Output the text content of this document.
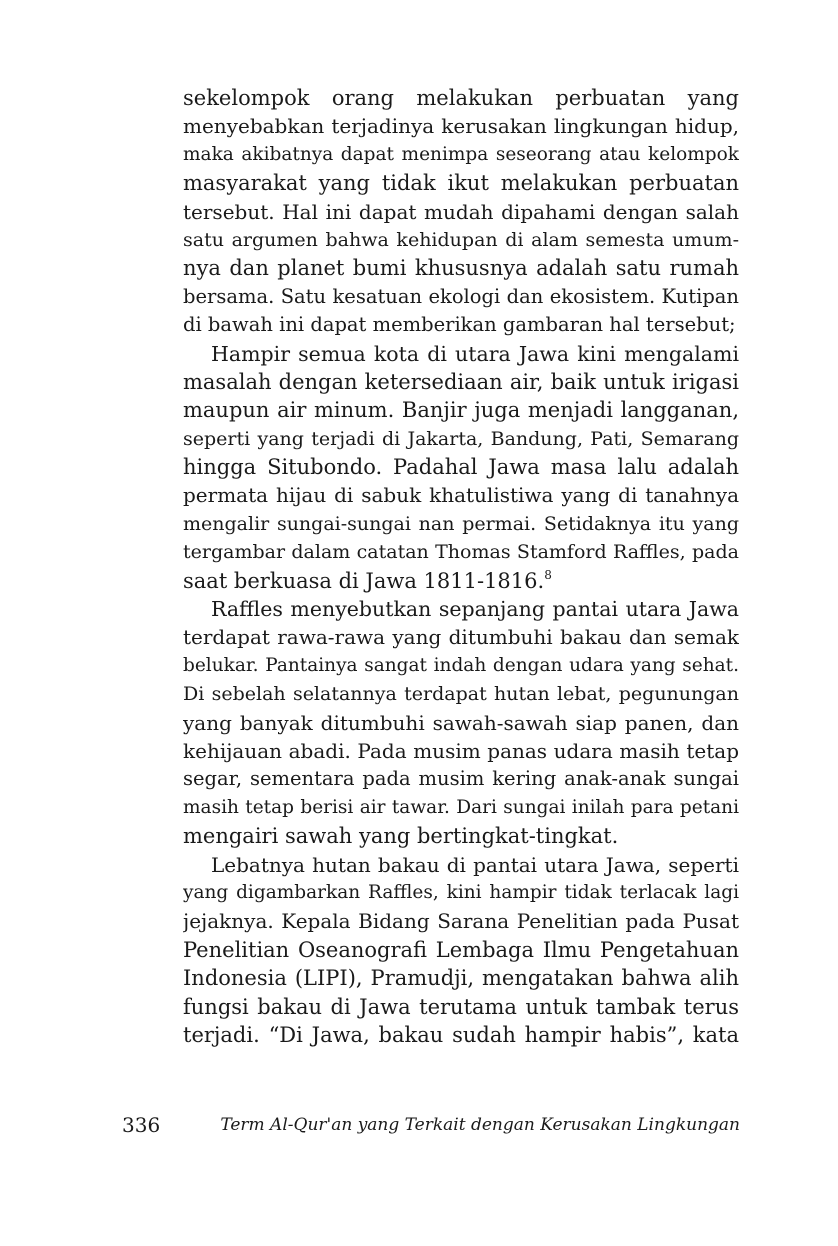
sekelompok orang melakukan perbuatan yang
menyebabkan terjadinya kerusakan lingkungan hidup,
maka akibatnya dapat menimpa seseorang atau kelompok
masyarakat yang tidak ikut melakukan perbuatan
tersebut. Hal ini dapat mudah dipahami dengan salah
satu argumen bahwa kehidupan di alam semesta umum-
nya dan planet bumi khususnya adalah satu rumah
bersama. Satu kesatuan ekologi dan ekosistem. Kutipan
di bawah ini dapat memberikan gambaran hal tersebut;
Hampir semua kota di utara Jawa kini mengalami
masalah dengan ketersediaan air, baik untuk irigasi
maupun air minum. Banjir juga menjadi langganan,
seperti yang terjadi di Jakarta, Bandung, Pati, Semarang
hingga Situbondo. Padahal Jawa masa lalu adalah
permata hijau di sabuk khatulistiwa yang di tanahnya
mengalir sungai-sungai nan permai. Setidaknya itu yang
tergambar dalam catatan Thomas Stamford Raffles, pada
saat berkuasa di Jawa 1811-1816.$^8$
Raffles menyebutkan sepanjang pantai utara Jawa
terdapat rawa-rawa yang ditumbuhi bakau dan semak
belukar. Pantainya sangat indah dengan udara yang sehat.
Di sebelah selatannya terdapat hutan lebat, pegunungan
yang banyak ditumbuhi sawah-sawah siap panen, dan
kehijauan abadi. Pada musim panas udara masih tetap
segar, sementara pada musim kering anak-anak sungai
masih tetap berisi air tawar. Dari sungai inilah para petani
mengairi sawah yang bertingkat-tingkat.
Lebatnya hutan bakau di pantai utara Jawa, seperti
yang digambarkan Raffles, kini hampir tidak terlacak lagi
jejaknya. Kepala Bidang Sarana Penelitian pada Pusat
Penelitian Oseanografi Lembaga Ilmu Pengetahuan
Indonesia (LIPI), Pramudji, mengatakan bahwa alih
fungsi bakau di Jawa terutama untuk tambak terus
terjadi. “Di Jawa, bakau sudah hampir habis”, kata
336	Term Al-Qur'an yang Terkait dengan Kerusakan Lingkungan
